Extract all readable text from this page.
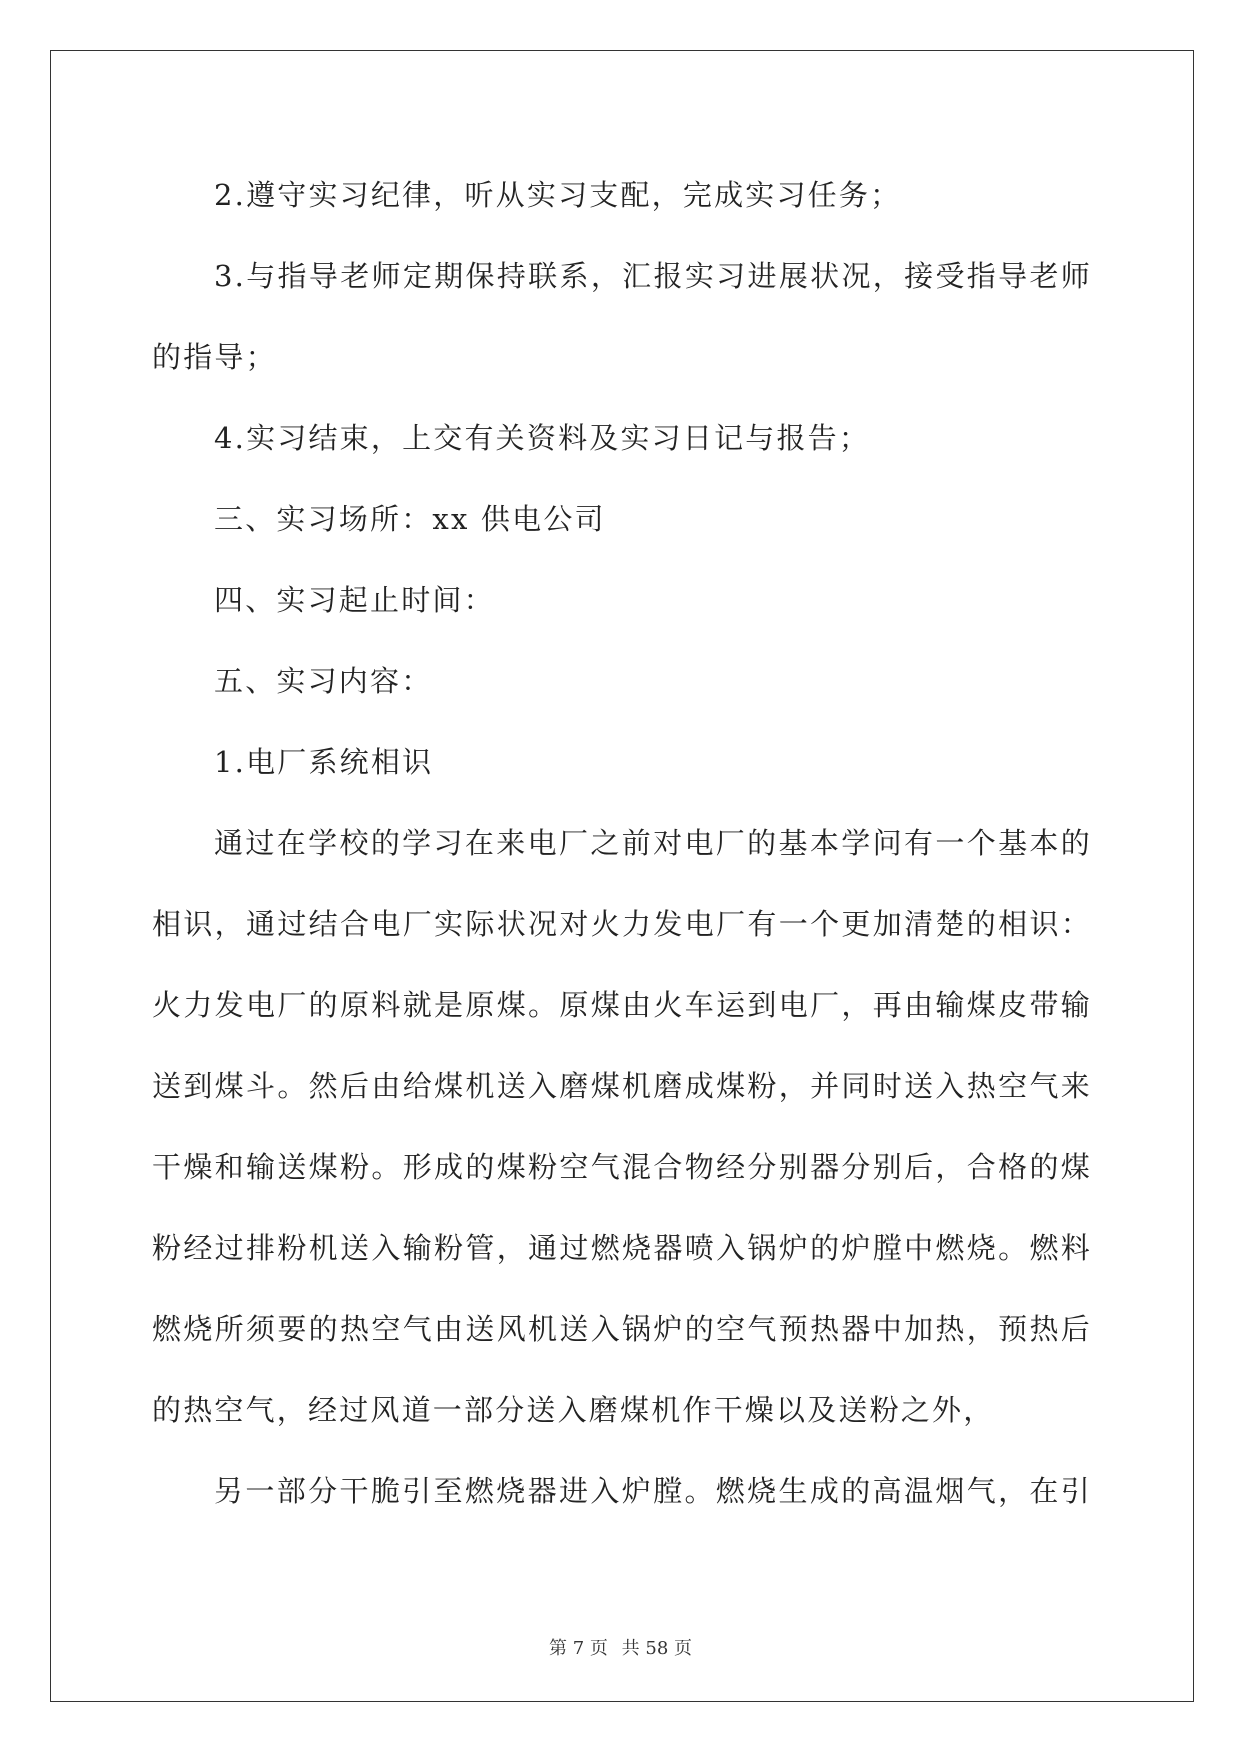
2.遵守实习纪律，听从实习支配，完成实习任务；
3.与指导老师定期保持联系，汇报实习进展状况，接受指导老师
的指导；
4.实习结束，上交有关资料及实习日记与报告；
三、实习场所：xx 供电公司
四、实习起止时间：
五、实习内容：
1.电厂系统相识
通过在学校的学习在来电厂之前对电厂的基本学问有一个基本的
相识，通过结合电厂实际状况对火力发电厂有一个更加清楚的相识：
火力发电厂的原料就是原煤。原煤由火车运到电厂，再由输煤皮带输
送到煤斗。然后由给煤机送入磨煤机磨成煤粉，并同时送入热空气来
干燥和输送煤粉。形成的煤粉空气混合物经分别器分别后，合格的煤
粉经过排粉机送入输粉管，通过燃烧器喷入锅炉的炉膛中燃烧。燃料
燃烧所须要的热空气由送风机送入锅炉的空气预热器中加热，预热后
的热空气，经过风道一部分送入磨煤机作干燥以及送粉之外，
另一部分干脆引至燃烧器进入炉膛。燃烧生成的高温烟气，在引
第 7 页 共 58 页
